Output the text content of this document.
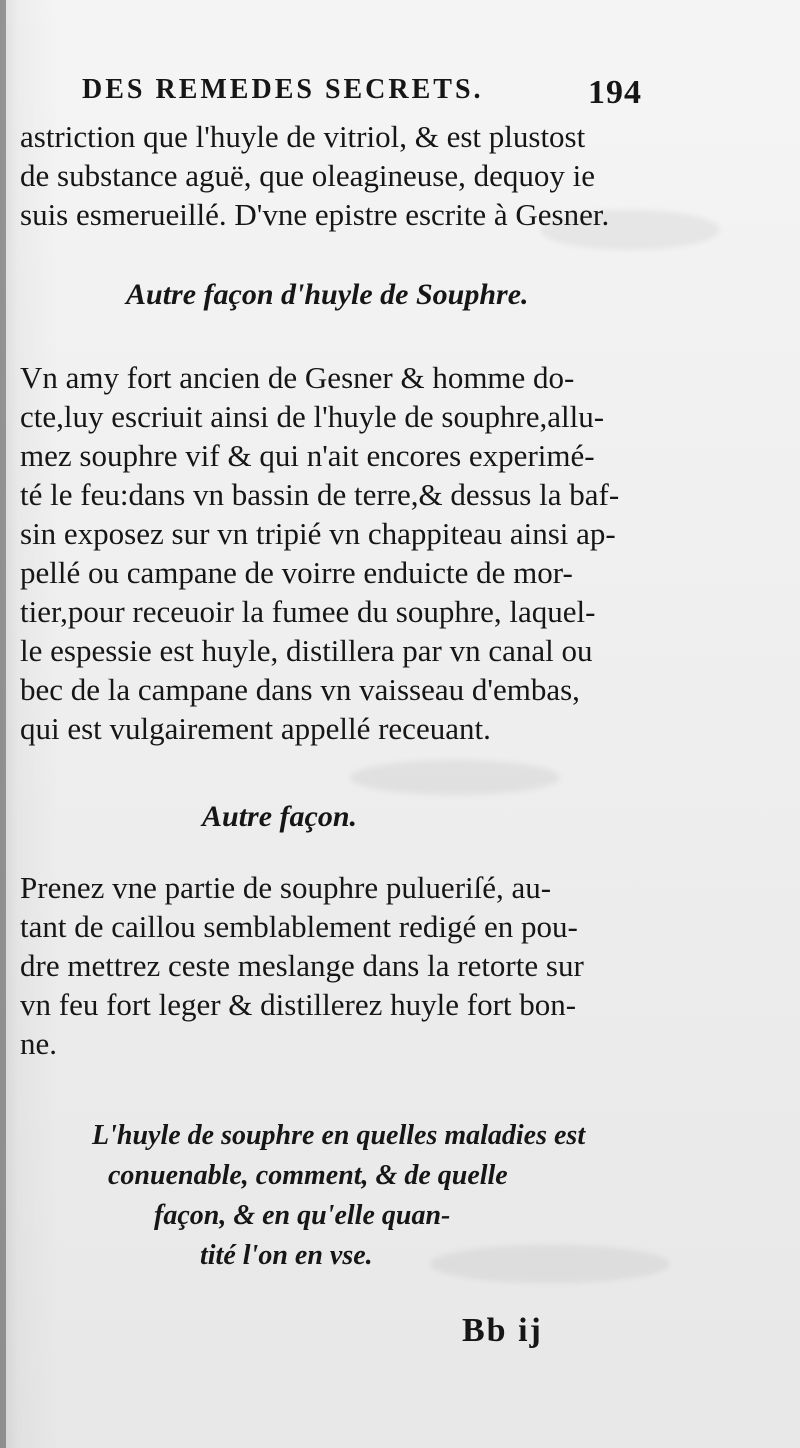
DES REMEDES SECRETS.	194
astriction que l'huyle de vitriol, & est plustost
de substance aguë, que oleagineuse, dequoy ie
suis esmerueillé. D'vne epistre escrite à Gesner.
Autre façon d'huyle de Souphre.
Vn amy fort ancien de Gesner & homme do-
cte,luy escriuit ainsi de l'huyle de souphre,allu-
mez souphre vif & qui n'ait encores experimé-
té le feu:dans vn bassin de terre,& dessus la baf-
sin exposez sur vn tripié vn chappiteau ainsi ap-
pellé ou campane de voirre enduicte de mor-
tier,pour receuoir la fumee du souphre, laquel-
le espessie est huyle, distillera par vn canal ou
bec de la campane dans vn vaisseau d'embas,
qui est vulgairement appellé receuant.
Autre façon.
Prenez vne partie de souphre pulueriſé, au-
tant de caillou semblablement redigé en pou-
dre mettrez ceste meslange dans la retorte sur
vn feu fort leger & distillerez huyle fort bon-
ne.
L'huyle de souphre en quelles maladies est
conuenable, comment, & de quelle
façon, & en qu'elle quan-
tité l'on en vse.
Bb ij
